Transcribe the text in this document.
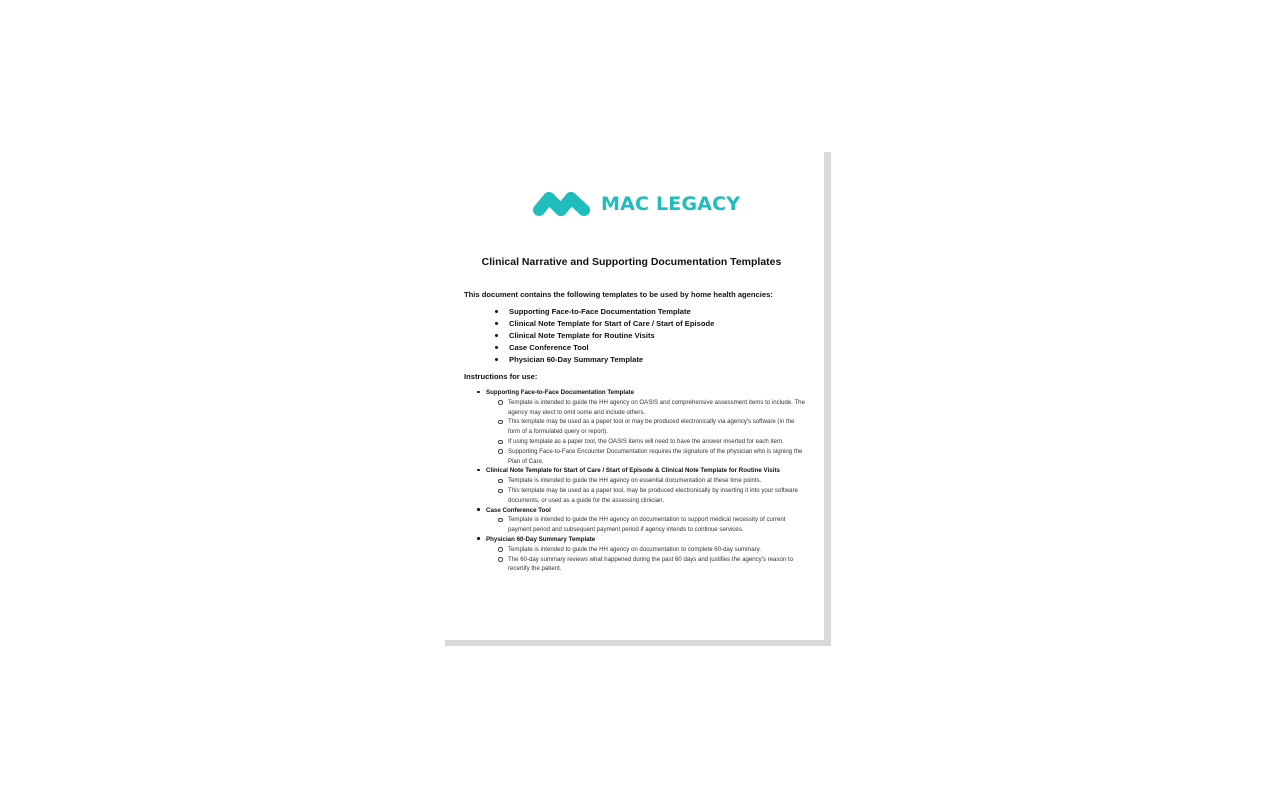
MAC LEGACY
Clinical Narrative and Supporting Documentation Templates
This document contains the following templates to be used by home health agencies:
Supporting Face-to-Face Documentation Template
Clinical Note Template for Start of Care / Start of Episode
Clinical Note Template for Routine Visits
Case Conference Tool
Physician 60-Day Summary Template
Instructions for use:
Supporting Face-to-Face Documentation Template
Template is intended to guide the HH agency on OASIS and comprehensive assessment items to include. The agency may elect to omit some and include others.
This template may be used as a paper tool or may be produced electronically via agency's software (in the form of a formulated query or report).
If using template as a paper tool, the OASIS items will need to have the answer inserted for each item.
Supporting Face-to-Face Encounter Documentation requires the signature of the physician who is signing the Plan of Care.
Clinical Note Template for Start of Care / Start of Episode & Clinical Note Template for Routine Visits
Template is intended to guide the HH agency on essential documentation at these time points.
This template may be used as a paper tool, may be produced electronically by inserting it into your software documents, or used as a guide for the assessing clinician.
Case Conference Tool
Template is intended to guide the HH agency on documentation to support medical necessity of current payment period and subsequent payment period if agency intends to continue services.
Physician 60-Day Summary Template
Template is intended to guide the HH agency on documentation to complete 60-day summary.
The 60-day summary reviews what happened during the past 60 days and justifies the agency's reason to recertify the patient.
